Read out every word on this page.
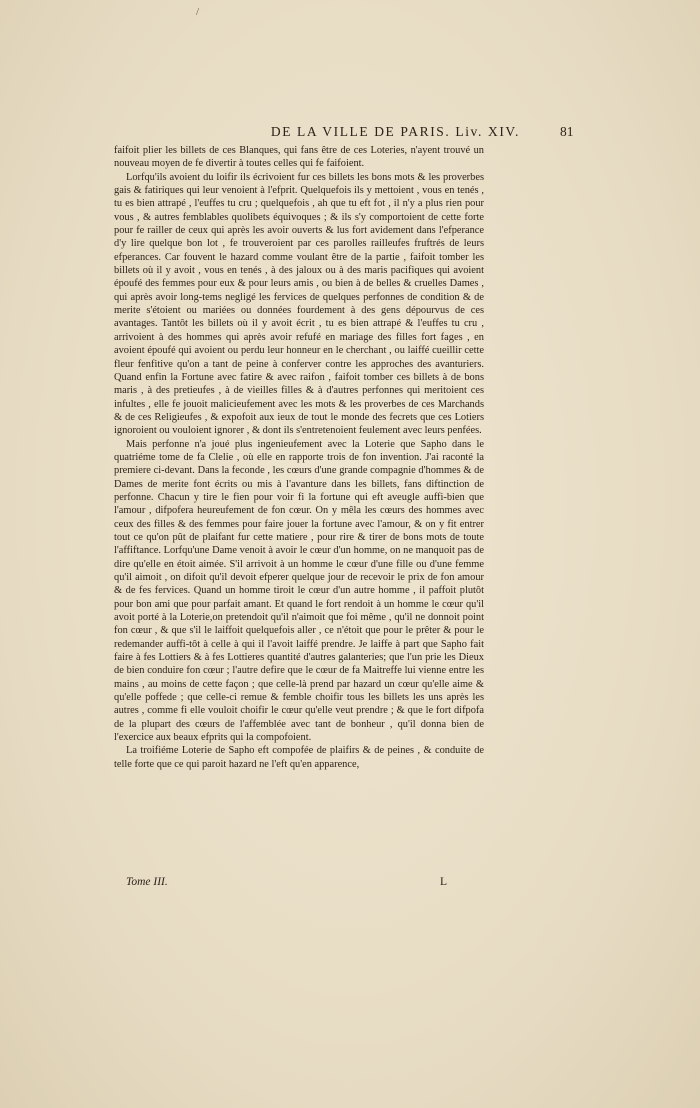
/
DE LA VILLE DE PARIS. Liv. XIV.	81

faifoit plier les billets de ces Blanques, qui fans être de ces Loteries, n'ayent trouvé un nouveau moyen de fe divertir à toutes celles qui fe faifoient.

Lorfqu'ils avoient du loifir ils écrivoient fur ces billets les bons mots & les proverbes gais & fatiriques qui leur venoient à l'efprit. Quelquefois ils y mettoient , vous en tenés , tu es bien attrapé , l'euffes tu cru ; quelquefois , ah que tu eft fot , il n'y a plus rien pour vous , & autres femblables quolibets équivoques ; & ils s'y comportoient de cette forte pour fe railler de ceux qui après les avoir ouverts & lus fort avidement dans l'efperance d'y lire quelque bon lot , fe trouveroient par ces parolles railleufes fruftrés de leurs efperances. Car fouvent le hazard comme voulant être de la partie , faifoit tomber les billets où il y avoit , vous en tenés , à des jaloux ou à des maris pacifiques qui avoient époufé des femmes pour eux & pour leurs amis , ou bien à de belles & cruelles Dames , qui après avoir long-tems negligé les fervices de quelques perfonnes de condition & de merite s'étoient ou mariées ou données fourdement à des gens dépourvus de ces avantages. Tantôt les billets où il y avoit écrit , tu es bien attrapé & l'euffes tu cru , arrivoient à des hommes qui après avoir refufé en mariage des filles fort fages , en avoient époufé qui avoient ou perdu leur honneur en le cherchant , ou laiffé cueillir cette fleur fenfitive qu'on a tant de peine à conferver contre les approches des avanturiers. Quand enfin la Fortune avec fatire & avec raifon , faifoit tomber ces billets à de bons maris , à des pretieufes , à de vieilles filles & à d'autres perfonnes qui meritoient ces infultes , elle fe jouoit malicieufement avec les mots & les proverbes de ces Marchands & de ces Religieufes , & expofoit aux ieux de tout le monde des fecrets que ces Lotiers ignoroient ou vouloient ignorer , & dont ils s'entretenoient feulement avec leurs penfées.

Mais perfonne n'a joué plus ingenieufement avec la Loterie que Sapho dans le quatriéme tome de fa Clelie , où elle en rapporte trois de fon invention. J'ai raconté la premiere ci-devant. Dans la feconde , les cœurs d'une grande compagnie d'hommes & de Dames de merite font écrits ou mis à l'avanture dans les billets, fans diftinction de perfonne. Chacun y tire le fien pour voir fi la fortune qui eft aveugle auffi-bien que l'amour , difpofera heureufement de fon cœur. On y mêla les cœurs des hommes avec ceux des filles & des femmes pour faire jouer la fortune avec l'amour, & on y fit entrer tout ce qu'on pût de plaifant fur cette matiere , pour rire & tirer de bons mots de toute l'affiftance. Lorfqu'une Dame venoit à avoir le cœur d'un homme, on ne manquoit pas de dire qu'elle en étoit aimée. S'il arrivoit à un homme le cœur d'une fille ou d'une femme qu'il aimoit , on difoit qu'il devoit efperer quelque jour de recevoir le prix de fon amour & de fes fervices. Quand un homme tiroit le cœur d'un autre homme , il paffoit plutôt pour bon ami que pour parfait amant. Et quand le fort rendoit à un homme le cœur qu'il avoit porté à la Loterie,on pretendoit qu'il n'aimoit que foi même , qu'il ne donnoit point fon cœur , & que s'il le laiffoit quelquefois aller , ce n'étoit que pour le prêter & pour le redemander auffi-tôt à celle à qui il l'avoit laiffé prendre. Je laiffe à part que Sapho fait faire à fes Lottiers & à fes Lottieres quantité d'autres galanteries; que l'un prie les Dieux de bien conduire fon cœur ; l'autre defire que le cœur de fa Maitreffe lui vienne entre les mains , au moins de cette façon ; que celle-là prend par hazard un cœur qu'elle aime & qu'elle poffede ; que celle-ci remue & femble choifir tous les billets les uns après les autres , comme fi elle vouloit choifir le cœur qu'elle veut prendre ; & que le fort difpofa de la plupart des cœurs de l'affemblée avec tant de bonheur , qu'il donna bien de l'exercice aux beaux efprits qui la compofoient.

La troifiéme Loterie de Sapho eft compofée de plaifirs & de peines , & conduite de telle forte que ce qui paroit hazard ne l'eft qu'en apparence,

Tome III.	L
